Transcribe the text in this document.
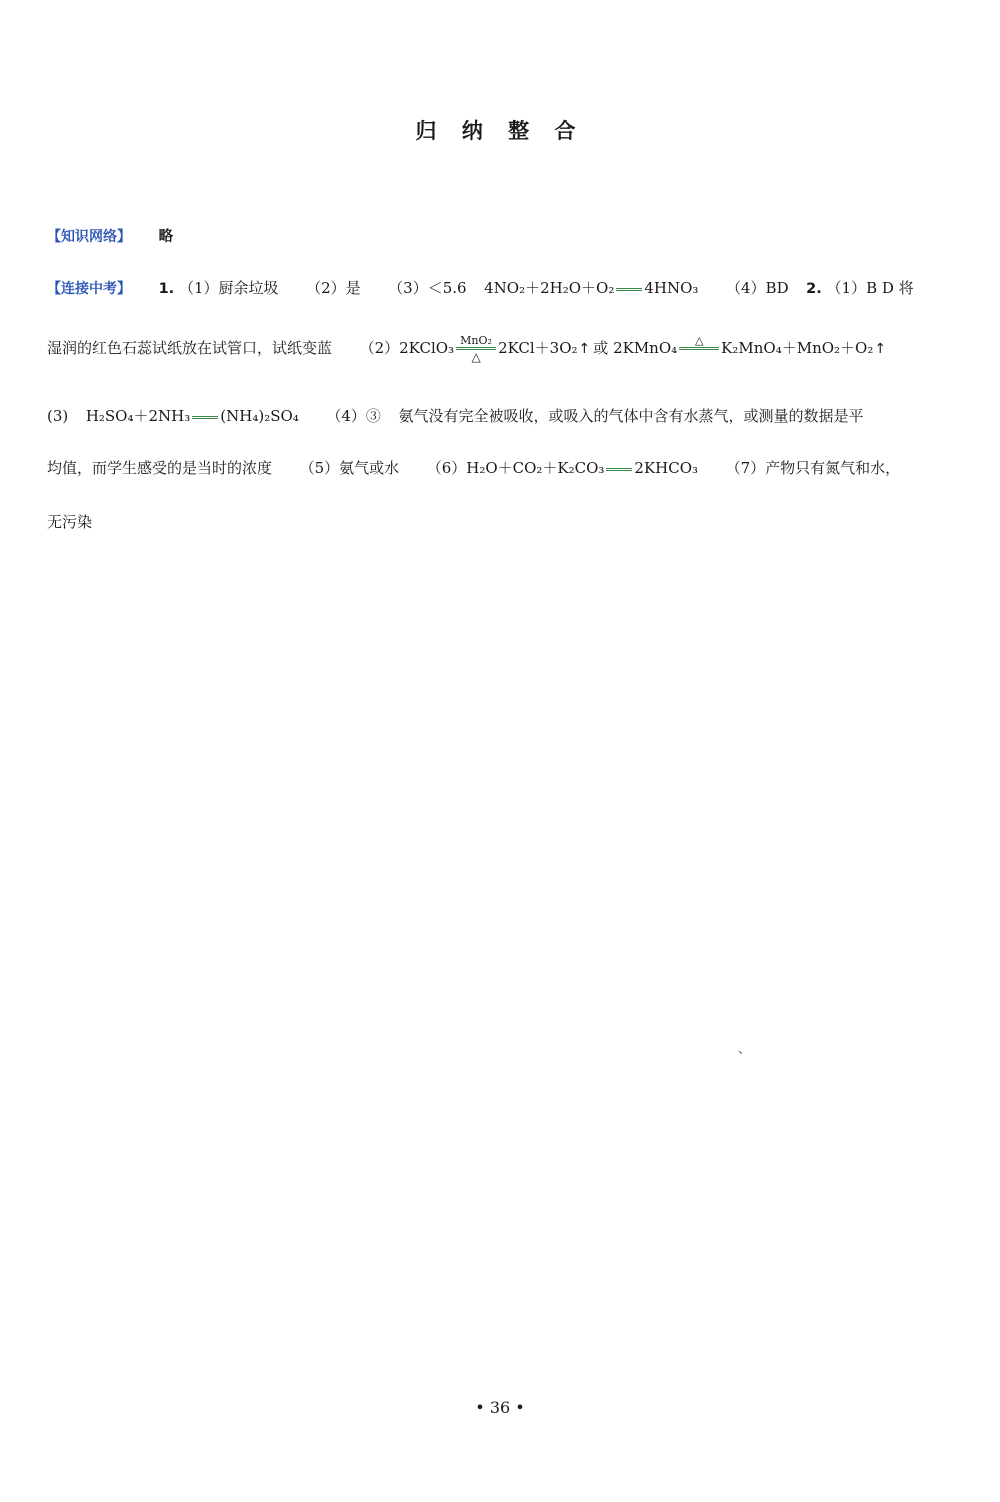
归 纳 整 合
【知识网络】 略
【连接中考】 1. （1）厨余垃圾 （2）是 （3）＜5.6 4NO₂＋2H₂O＋O₂ 4HNO₃ （4）BD 2. （1）B D 将
湿润的红色石蕊试纸放在试管口，试纸变蓝 （2）2KClO₃ MnO₂
△ 2KCl＋3O₂↑ 或 2KMnO₄ △ K₂MnO₄＋MnO₂＋O₂↑
(3) H₂SO₄＋2NH₃ (NH₄)₂SO₄ （4）③ 氨气没有完全被吸收，或吸入的气体中含有水蒸气，或测量的数据是平
均值，而学生感受的是当时的浓度 （5）氨气或水 （6）H₂O＋CO₂＋K₂CO₃ 2KHCO₃ （7）产物只有氮气和水，
无污染
、
• 36 •
